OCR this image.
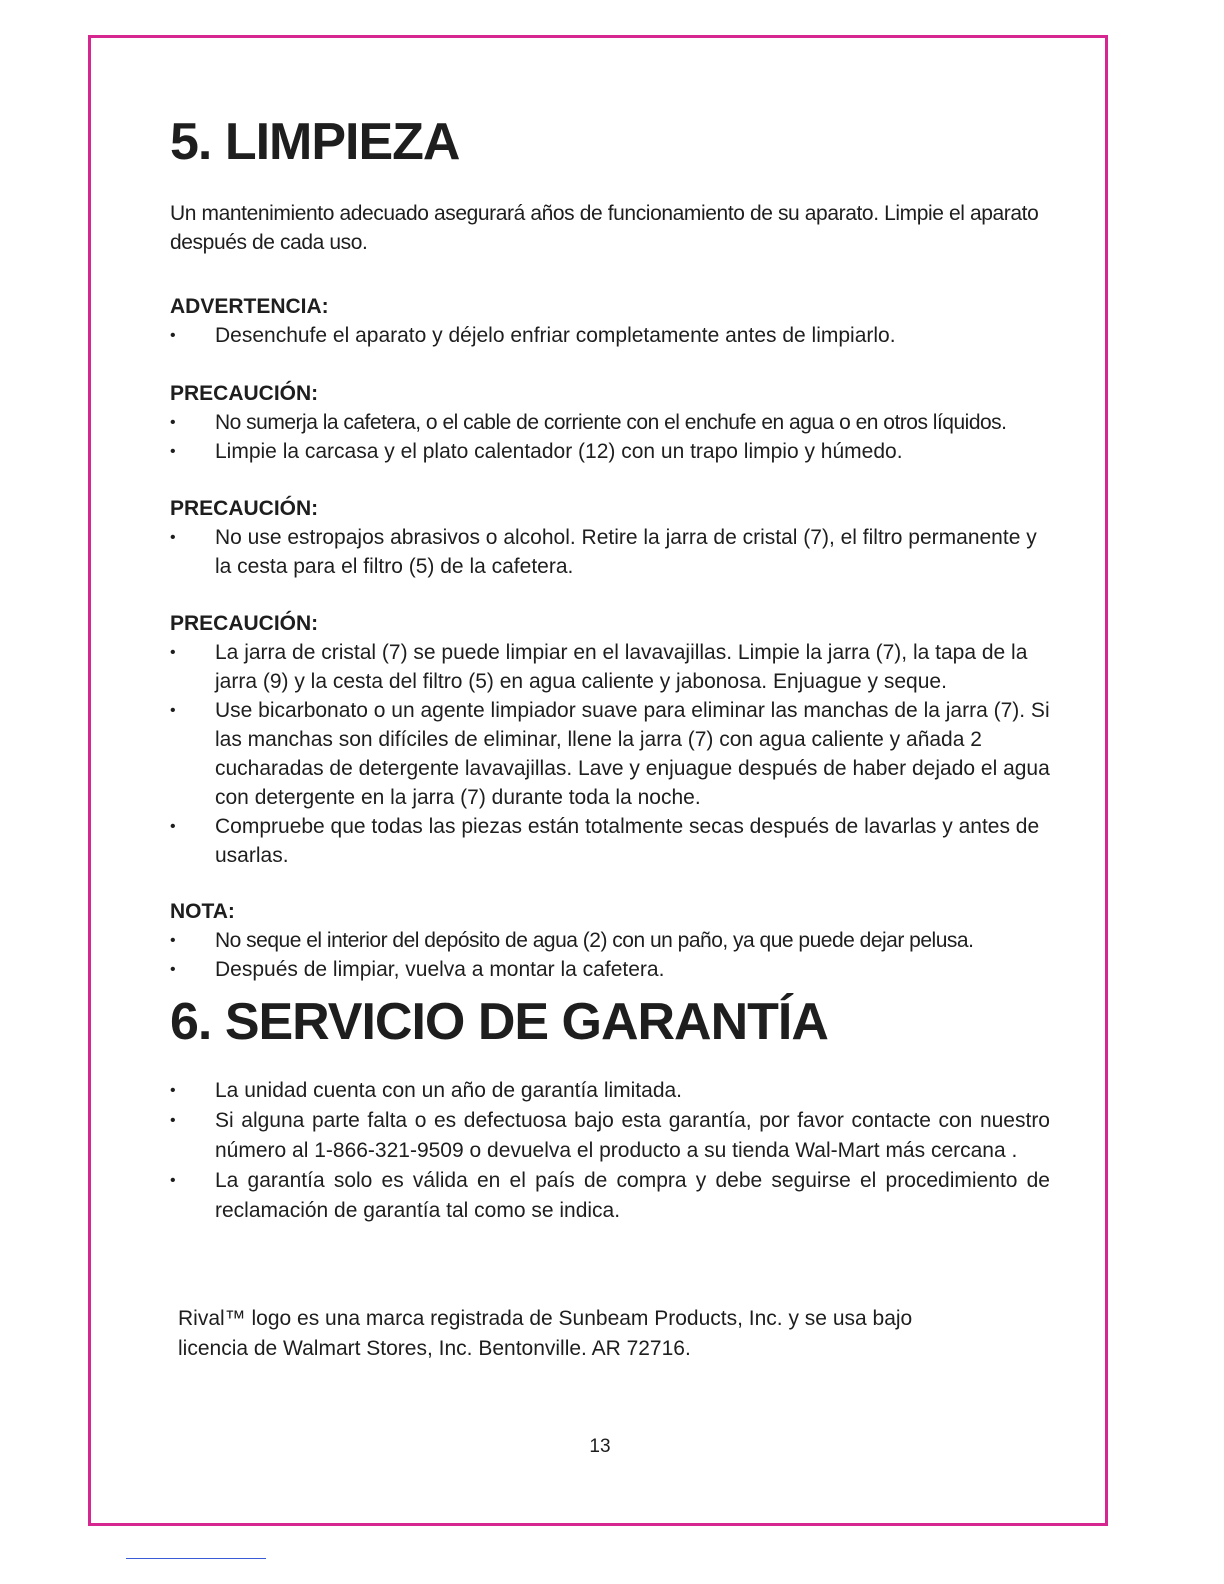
5. LIMPIEZA
Un mantenimiento adecuado asegurará años de funcionamiento de su aparato. Limpie el aparato después de cada uso.

ADVERTENCIA:

• Desenchufe el aparato y déjelo enfriar completamente antes de limpiarlo.

PRECAUCIÓN:

• No sumerja la cafetera, o el cable de corriente con el enchufe en agua o en otros líquidos.
• Limpie la carcasa y el plato calentador (12) con un trapo limpio y húmedo.

PRECAUCIÓN:

• No use estropajos abrasivos o alcohol. Retire la jarra de cristal (7), el filtro permanente y la cesta para el filtro (5) de la cafetera.

PRECAUCIÓN:

• La jarra de cristal (7) se puede limpiar en el lavavajillas. Limpie la jarra (7), la tapa de la jarra (9) y la cesta del filtro (5) en agua caliente y jabonosa. Enjuague y seque.
• Use bicarbonato o un agente limpiador suave para eliminar las manchas de la jarra (7). Si las manchas son difíciles de eliminar, llene la jarra (7) con agua caliente y añada 2 cucharadas de detergente lavavajillas. Lave y enjuague después de haber dejado el agua con detergente en la jarra (7) durante toda la noche.
• Compruebe que todas las piezas están totalmente secas después de lavarlas y antes de usarlas.

NOTA:

• No seque el interior del depósito de agua (2) con un paño, ya que puede dejar pelusa.
• Después de limpiar, vuelva a montar la cafetera.
6. SERVICIO DE GARANTÍA
• La unidad cuenta con un año de garantía limitada.
• Si alguna parte falta o es defectuosa bajo esta garantía, por favor contacte con nuestro número al 1-866-321-9509 o devuelva el producto a su tienda Wal-Mart más cercana .
• La garantía solo es válida en el país de compra y debe seguirse el procedimiento de reclamación de garantía tal como se indica.
Rival™ logo es una marca registrada de Sunbeam Products, Inc. y se usa bajo
licencia de Walmart Stores, Inc. Bentonville. AR 72716.
13
